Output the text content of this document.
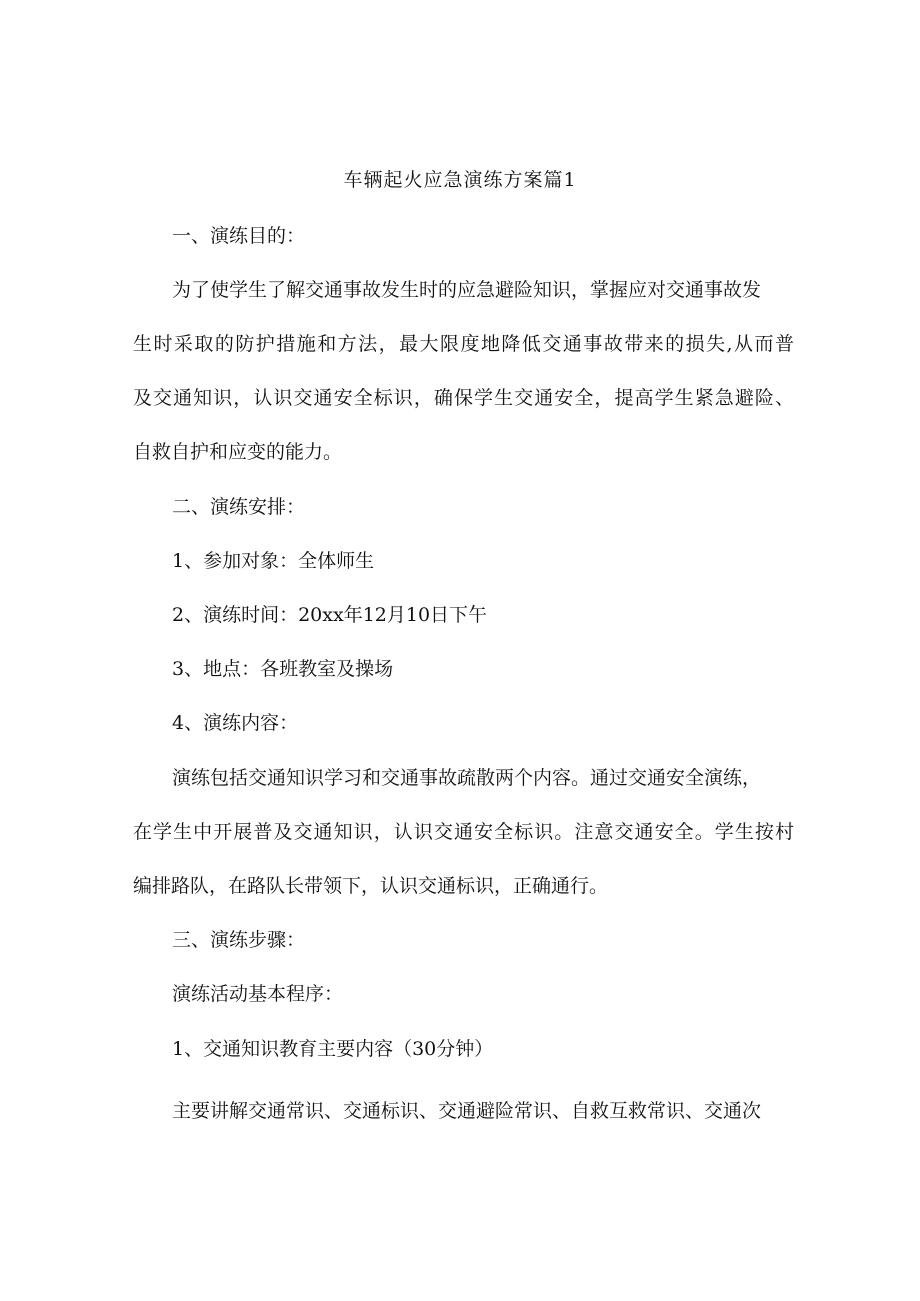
车辆起火应急演练方案篇1
一、演练目的：
为了使学生了解交通事故发生时的应急避险知识，掌握应对交通事故发
生时采取的防护措施和方法，最大限度地降低交通事故带来的损失,从而普
及交通知识，认识交通安全标识，确保学生交通安全，提高学生紧急避险、
自救自护和应变的能力。
二、演练安排：
1、参加对象：全体师生
2、演练时间：20xx年12月10日下午
3、地点：各班教室及操场
4、演练内容：
演练包括交通知识学习和交通事故疏散两个内容。通过交通安全演练，
在学生中开展普及交通知识，认识交通安全标识。注意交通安全。学生按村
编排路队，在路队长带领下，认识交通标识，正确通行。
三、演练步骤：
演练活动基本程序：
1、交通知识教育主要内容（30分钟）
主要讲解交通常识、交通标识、交通避险常识、自救互救常识、交通次
